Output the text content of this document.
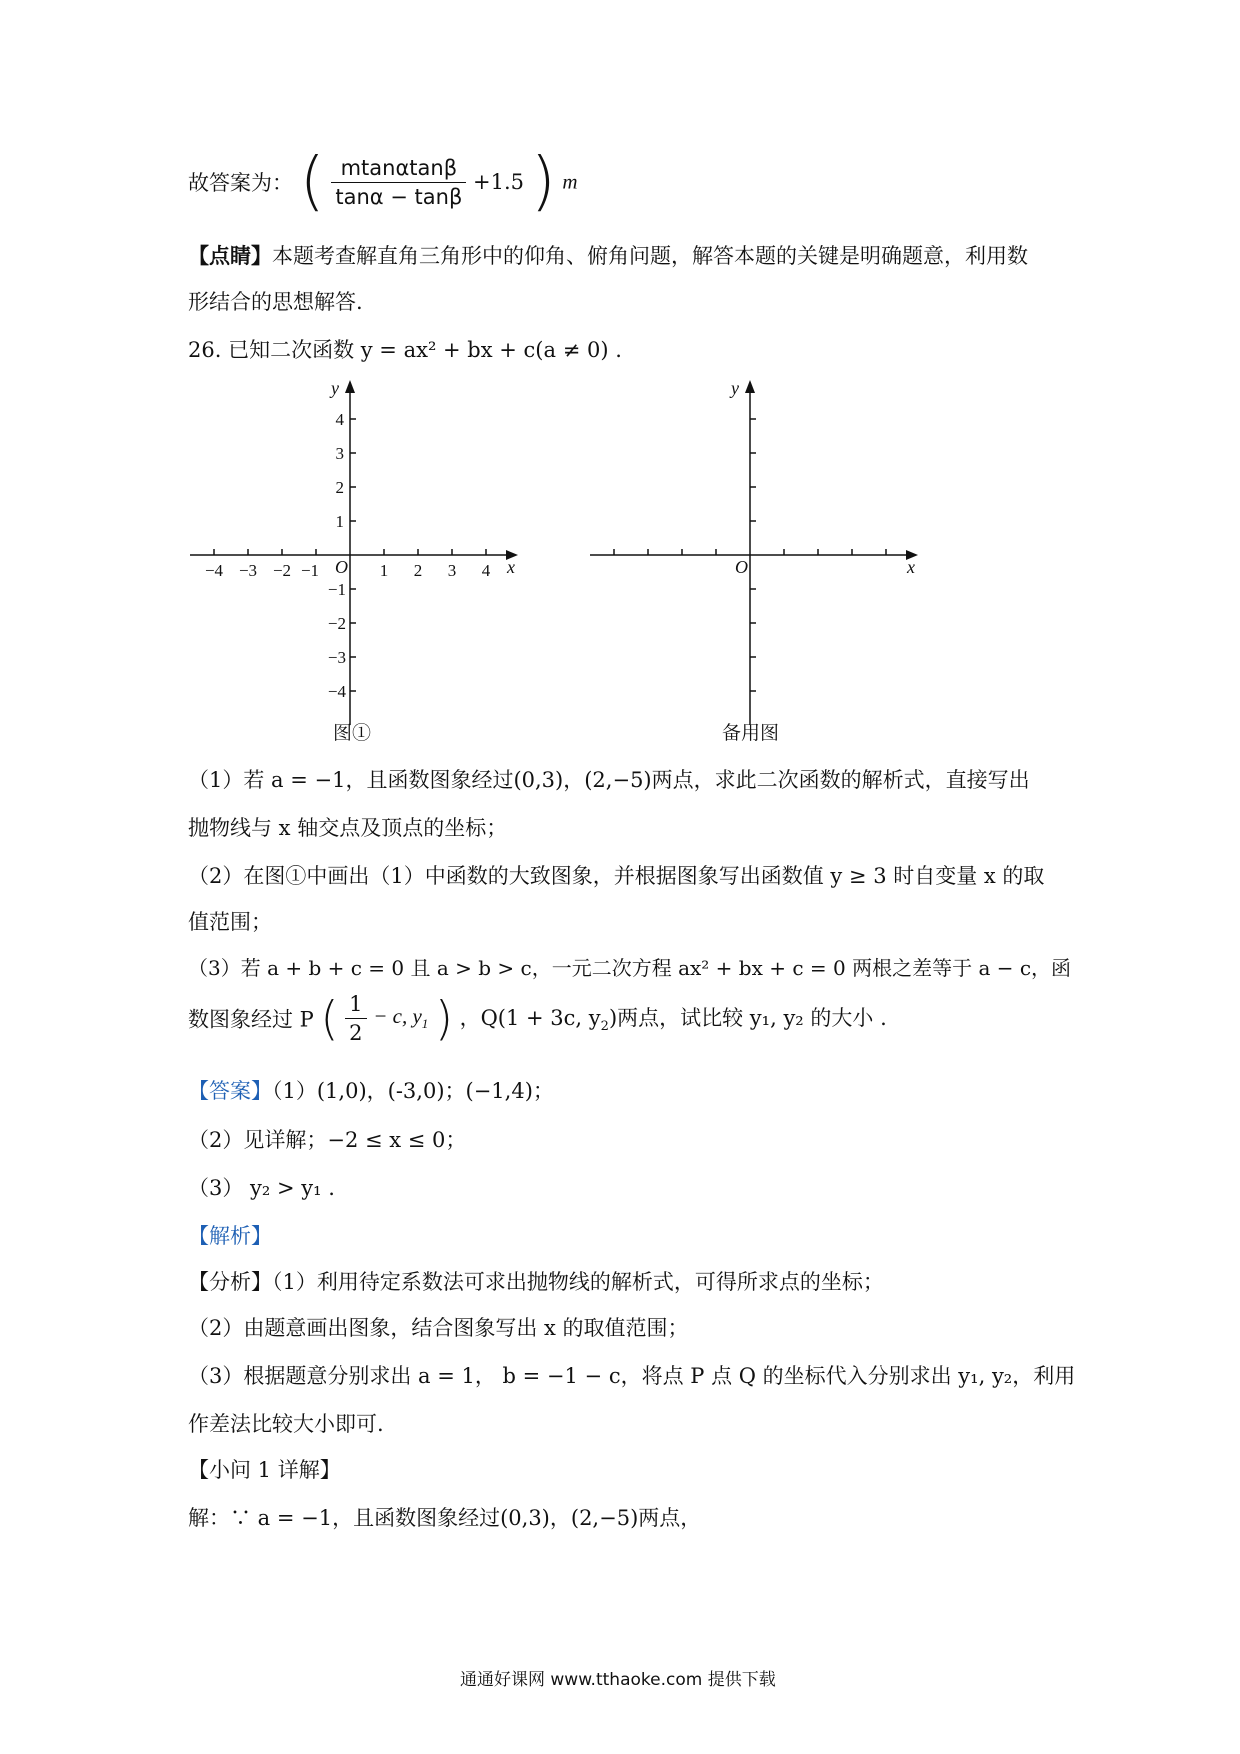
故答案为： ( $\frac{mtan\alpha\tan\beta}{\tan\alpha - \tan\beta} +1.5$ ) m
【点睛】本题考查解直角三角形中的仰角、俯角问题，解答本题的关键是明确题意，利用数
形结合的思想解答.
26. 已知二次函数 y = ax² + bx + c(a ≠ 0) .
−4 −3 −2 −1	1 2 3 4
4
3
2
1
−1
−2
−3
−4
O	x
y
图①
O	x
y
备用图
（1）若 a = −1，且函数图象经过(0,3)，(2,−5)两点，求此二次函数的解析式，直接写出
抛物线与 x 轴交点及顶点的坐标；
（2）在图①中画出（1）中函数的大致图象，并根据图象写出函数值 y ≥ 3 时自变量 x 的取
值范围；
（3）若 a + b + c = 0 且 a > b > c，一元二次方程 ax² + bx + c = 0 两根之差等于 a − c，函
数图象经过 P ( $\frac{1}{2} - c$, $y_1$ ) ，Q(1 + 3c, $y_2$)两点，试比较 y₁, y₂ 的大小 .
【答案】（1）(1,0)，(‑3,0)；(−1,4)；
（2）见详解；−2 ≤ x ≤ 0；
（3） y₂ > y₁ .
【解析】
【分析】（1）利用待定系数法可求出抛物线的解析式，可得所求点的坐标；
（2）由题意画出图象，结合图象写出 x 的取值范围；
（3）根据题意分别求出 a = 1， b = −1 − c，将点 P 点 Q 的坐标代入分别求出 y₁, y₂，利用
作差法比较大小即可.
【小问 1 详解】
解：∵ a = −1，且函数图象经过(0,3)，(2,−5)两点，
通通好课网 www.tthaoke.com 提供下载
